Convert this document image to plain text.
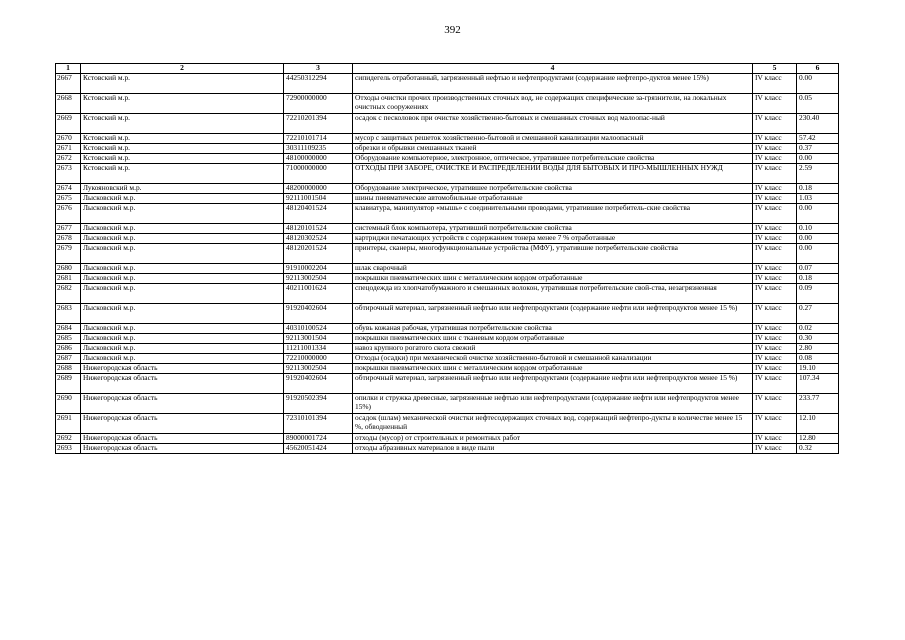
392
1	2	3	4	5	6
2667	Кстовский м.р.	44250312294	сипидегель отработанный, загрязненный нефтью и нефтепродуктами (содержание нефтепро-дуктов менее 15%)	IV класс	0.00
2668	Кстовский м.р.	72900000000	Отходы очистки прочих производственных сточных вод, не содержащих специфические за-грязнители, на локальных очистных сооружениях	IV класс	0.05
2669	Кстовский м.р.	72210201394	осадок с песколовок при очистке хозяйственно-бытовых и смешанных сточных вод малоопас-ный	IV класс	230.40
2670	Кстовский м.р.	72210101714	мусор с защитных решеток хозяйственно-бытовой и смешанной канализации малоопасный	IV класс	57.42
2671	Кстовский м.р.	30311109235	обрезки и обрывки смешанных тканей	IV класс	0.37
2672	Кстовский м.р.	48100000000	Оборудование компьютерное, электронное, оптическое, утратившее потребительские свойства	IV класс	0.00
2673	Кстовский м.р.	71000000000	ОТХОДЫ ПРИ ЗАБОРЕ, ОЧИСТКЕ И РАСПРЕДЕЛЕНИИ ВОДЫ ДЛЯ БЫТОВЫХ И ПРО-МЫШЛЕННЫХ НУЖД	IV класс	2.59
2674	Лукояновский м.р.	48200000000	Оборудование электрическое, утратившее потребительские свойства	IV класс	0.18
2675	Лысковский м.р.	92111001504	шины пневматические автомобильные отработанные	IV класс	1.03
2676	Лысковский м.р.	48120401524	клавиатура, манипулятор «мышь» с соединительными проводами, утратившие потребитель-ские свойства	IV класс	0.00
2677	Лысковский м.р.	48120101524	системный блок компьютера, утративший потребительские свойства	IV класс	0.10
2678	Лысковский м.р.	48120302524	картриджи печатающих устройств с содержанием тонера менее 7 % отработанные	IV класс	0.00
2679	Лысковский м.р.	48120201524	принтеры, сканеры, многофункциональные устройства (МФУ), утратившие потребительские свойства	IV класс	0.00
2680	Лысковский м.р.	91910002204	шлак сварочный	IV класс	0.07
2681	Лысковский м.р.	92113002504	покрышки пневматических шин с металлическим кордом отработанные	IV класс	0.18
2682	Лысковский м.р.	40211001624	спецодежда из хлопчатобумажного и смешанных волокон, утратившая потребительские свой-ства, незагрязненная	IV класс	0.09
2683	Лысковский м.р.	91920402604	обтирочный материал, загрязненный нефтью или нефтепродуктами (содержание нефти или нефтепродуктов менее 15 %)	IV класс	0.27
2684	Лысковский м.р.	40310100524	обувь кожаная рабочая, утратившая потребительские свойства	IV класс	0.02
2685	Лысковский м.р.	92113001504	покрышки пневматических шин с тканевым кордом отработанные	IV класс	0.30
2686	Лысковский м.р.	11211001334	навоз крупного рогатого скота свежий	IV класс	2.80
2687	Лысковский м.р.	72210000000	Отходы (осадки) при механической очистке хозяйственно-бытовой и смешанной канализации	IV класс	0.08
2688	Нижегородская область	92113002504	покрышки пневматических шин с металлическим кордом отработанные	IV класс	19.10
2689	Нижегородская область	91920402604	обтирочный материал, загрязненный нефтью или нефтепродуктами (содержание нефти или нефтепродуктов менее 15 %)	IV класс	107.34
2690	Нижегородская область	91920502394	опилки и стружка древесные, загрязненные нефтью или нефтепродуктами (содержание нефти или нефтепродуктов менее 15%)	IV класс	233.77
2691	Нижегородская область	72310101394	осадок (шлам) механической очистки нефтесодержащих сточных вод, содержащий нефтепро-дукты в количестве менее 15 %, обводненный	IV класс	12.10
2692	Нижегородская область	89000001724	отходы (мусор) от строительных и ремонтных работ	IV класс	12.80
2693	Нижегородская область	45620051424	отходы абразивных материалов в виде пыли	IV класс	0.32
